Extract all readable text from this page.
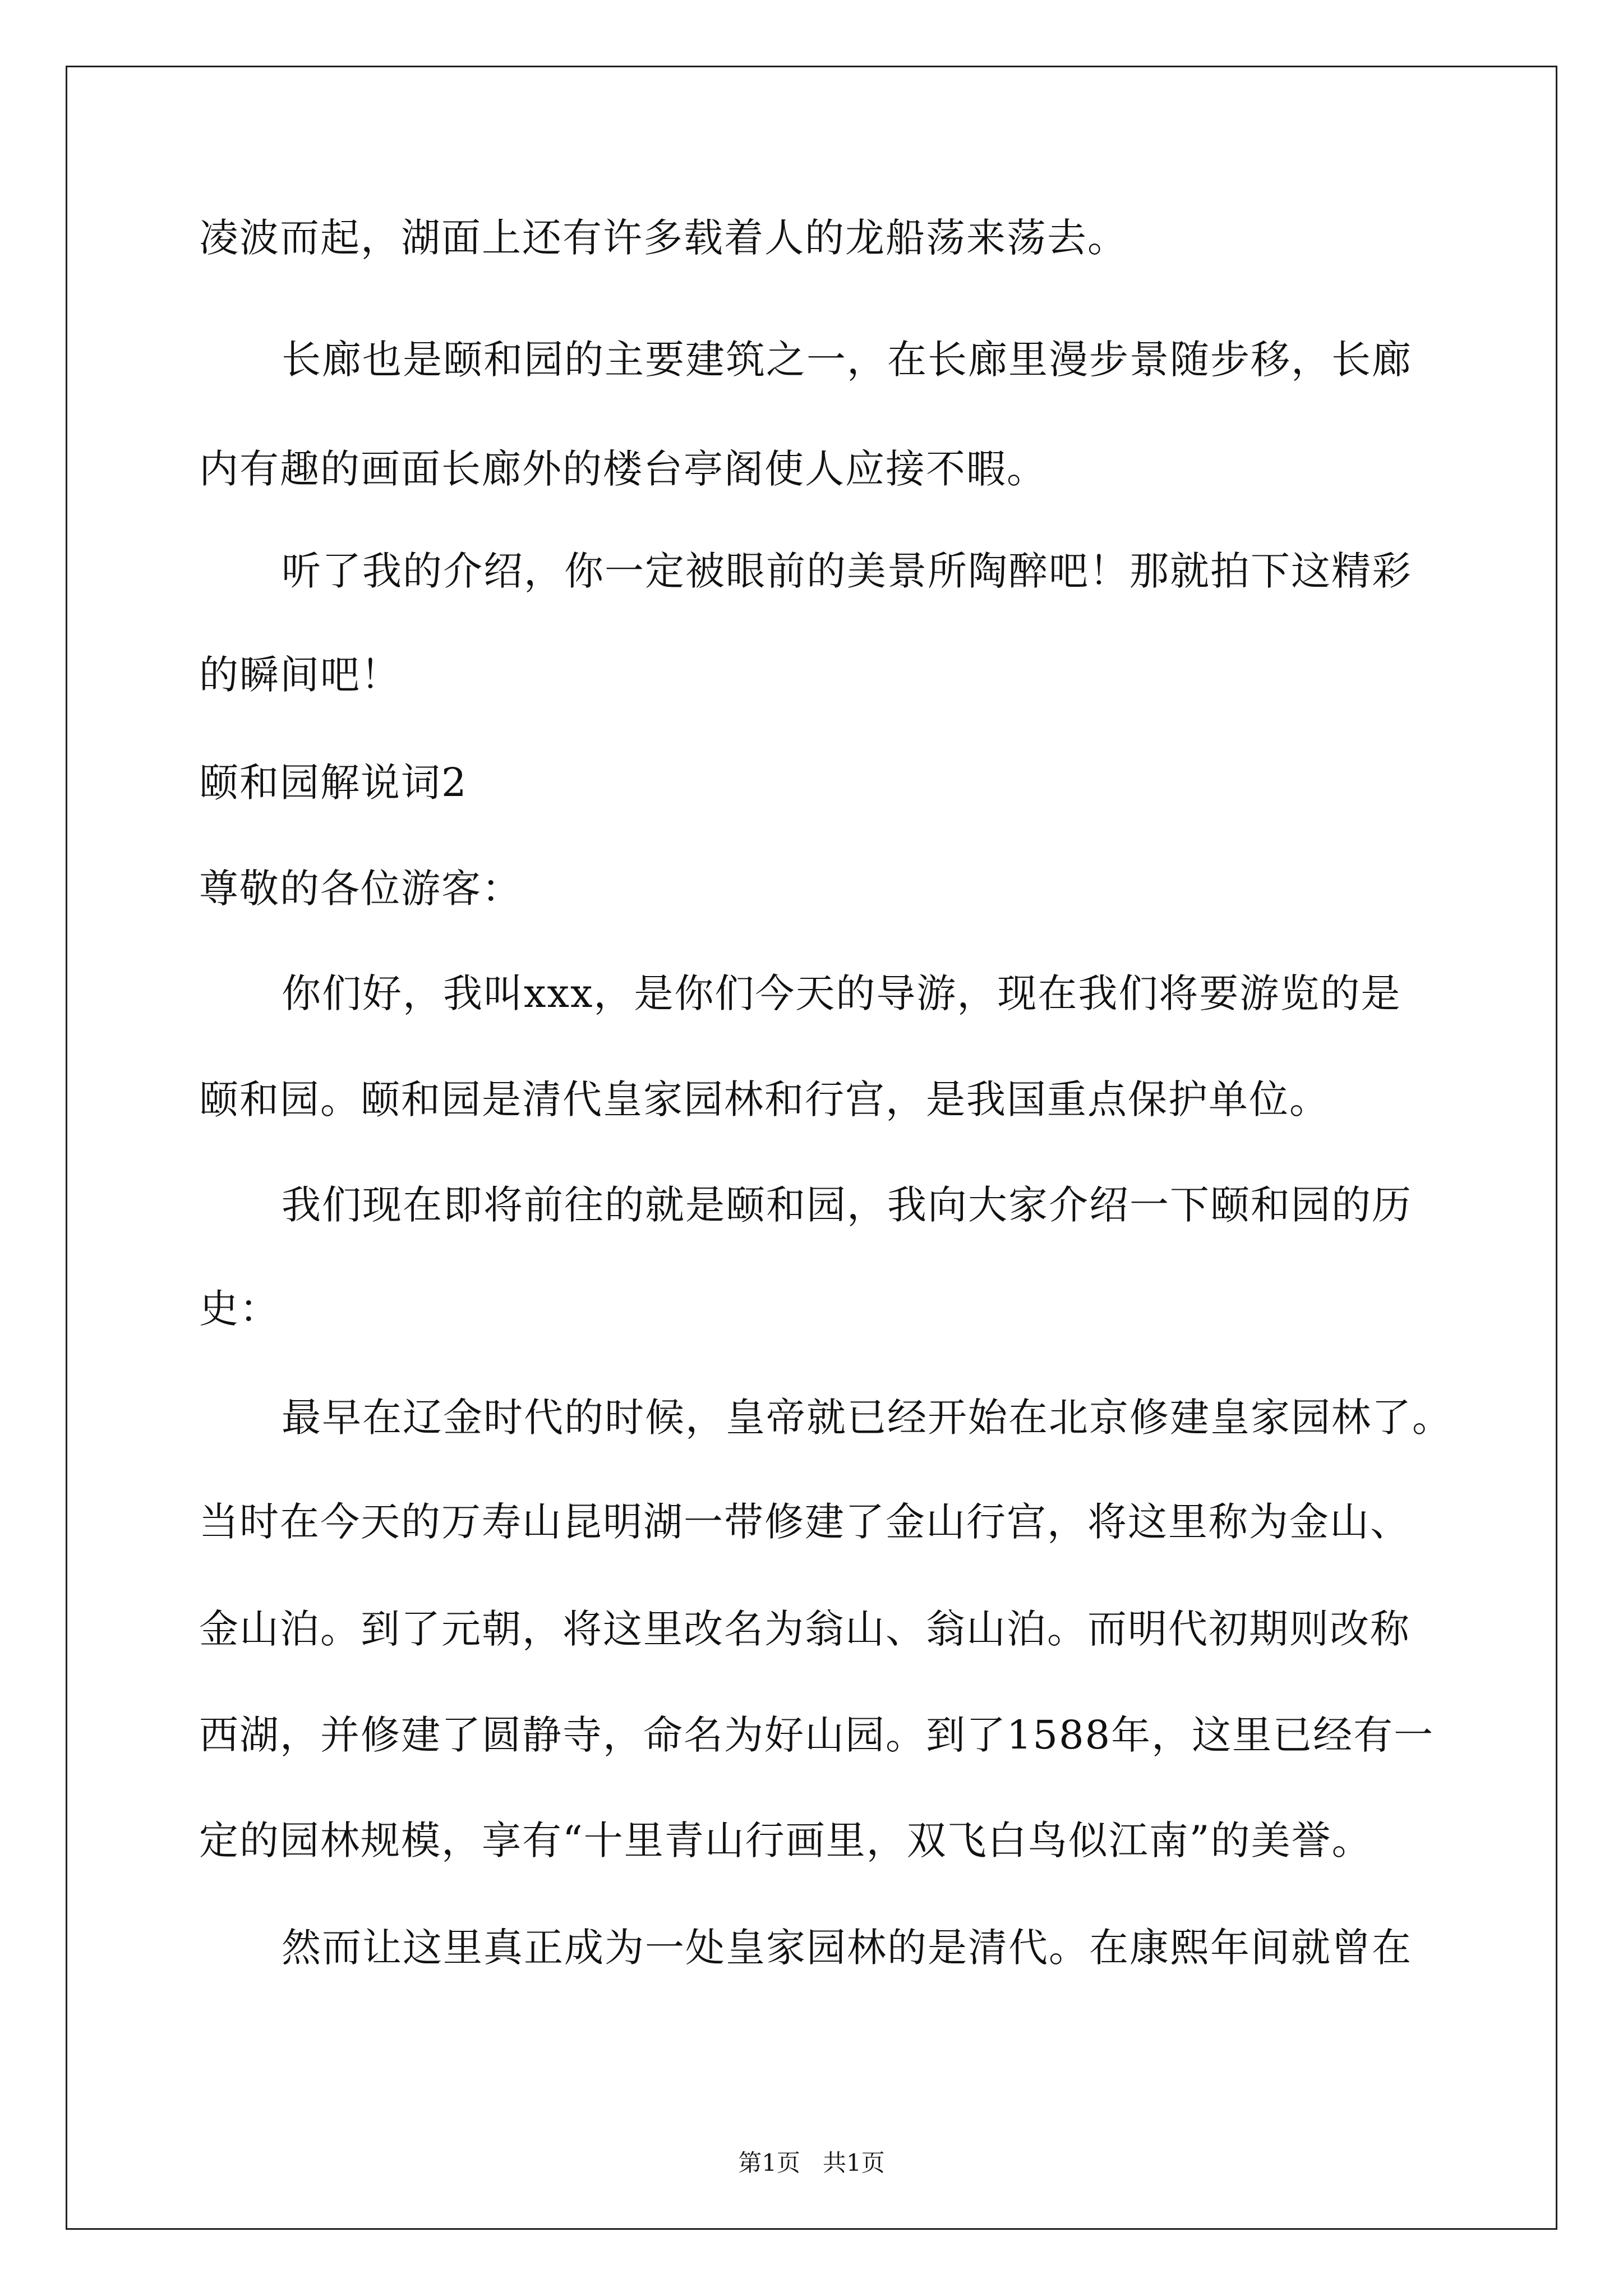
凌波而起，湖面上还有许多载着人的龙船荡来荡去。
长廊也是颐和园的主要建筑之一，在长廊里漫步景随步移，长廊
内有趣的画面长廊外的楼台亭阁使人应接不暇。
听了我的介绍，你一定被眼前的美景所陶醉吧！那就拍下这精彩
的瞬间吧！
颐和园解说词2
尊敬的各位游客：
你们好，我叫xxx，是你们今天的导游，现在我们将要游览的是
颐和园。颐和园是清代皇家园林和行宫，是我国重点保护单位。
我们现在即将前往的就是颐和园，我向大家介绍一下颐和园的历
史：
最早在辽金时代的时候，皇帝就已经开始在北京修建皇家园林了。
当时在今天的万寿山昆明湖一带修建了金山行宫，将这里称为金山、
金山泊。到了元朝，将这里改名为翁山、翁山泊。而明代初期则改称
西湖，并修建了圆静寺，命名为好山园。到了1588年，这里已经有一
定的园林规模，享有“十里青山行画里，双飞白鸟似江南”的美誉。
然而让这里真正成为一处皇家园林的是清代。在康熙年间就曾在
第1页   共1页
